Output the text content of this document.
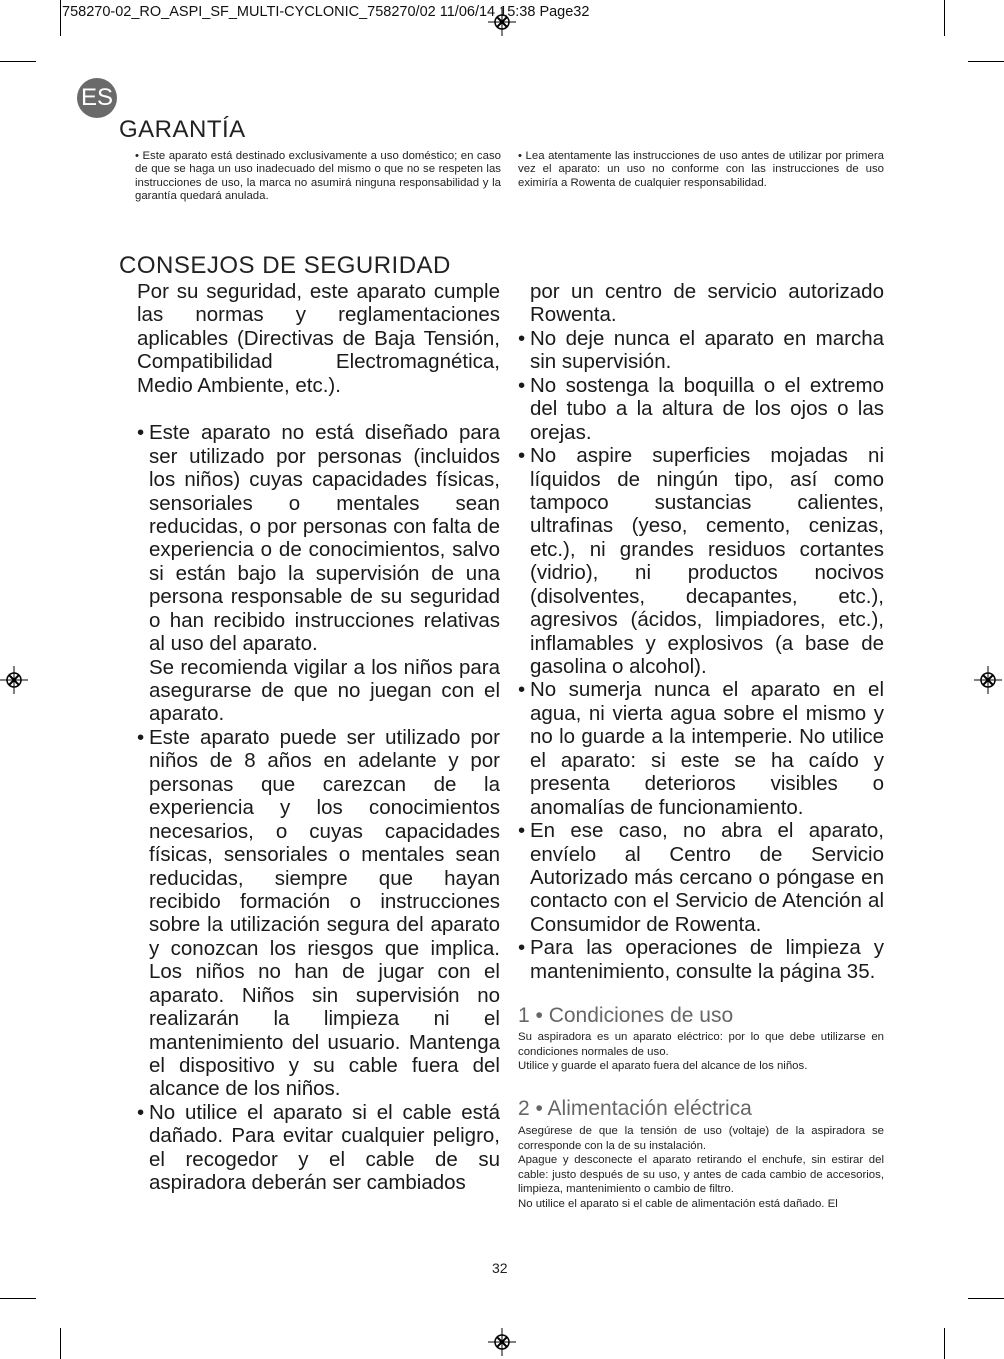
758270-02_RO_ASPI_SF_MULTI-CYCLONIC_758270/02 11/06/14 15:38 Page32
ES
GARANTÍA
• Este aparato está destinado exclusivamente a uso doméstico; en caso de que se haga un uso inadecuado del mismo o que no se respeten las instrucciones de uso, la marca no asumirá ninguna responsabilidad y la garantía quedará anulada.
• Lea atentamente las instrucciones de uso antes de utilizar por primera vez el aparato: un uso no conforme con las instrucciones de uso eximiría a Rowenta de cualquier responsabilidad.
CONSEJOS DE SEGURIDAD

Por su seguridad, este aparato cumple las normas y reglamentaciones aplicables (Directivas de Baja Tensión, Compatibilidad Electromagnética, Medio Ambiente, etc.).

• Este aparato no está diseñado para ser utilizado por personas (incluidos los niños) cuyas capacidades físicas, sensoriales o mentales sean reducidas, o por personas con falta de experiencia o de conocimientos, salvo si están bajo la supervisión de una persona responsable de su seguridad o han recibido instrucciones relativas al uso del aparato.

Se recomienda vigilar a los niños para asegurarse de que no juegan con el aparato.

• Este aparato puede ser utilizado por niños de 8 años en adelante y por personas que carezcan de la experiencia y los conocimientos necesarios, o cuyas capacidades físicas, sensoriales o mentales sean reducidas, siempre que hayan recibido formación o instrucciones sobre la utilización segura del aparato y conozcan los riesgos que implica. Los niños no han de jugar con el aparato. Niños sin supervisión no realizarán la limpieza ni el mantenimiento del usuario. Mantenga el dispositivo y su cable fuera del alcance de los niños.

• No utilice el aparato si el cable está dañado. Para evitar cualquier peligro, el recogedor y el cable de su aspiradora deberán ser cambiados

por un centro de servicio autorizado Rowenta.

• No deje nunca el aparato en marcha sin supervisión.

• No sostenga la boquilla o el extremo del tubo a la altura de los ojos o las orejas.

• No aspire superficies mojadas ni líquidos de ningún tipo, así como tampoco sustancias calientes, ultrafinas (yeso, cemento, cenizas, etc.), ni grandes residuos cortantes (vidrio), ni productos nocivos (disolventes, decapantes, etc.), agresivos (ácidos, limpiadores, etc.), inflamables y explosivos (a base de gasolina o alcohol).

• No sumerja nunca el aparato en el agua, ni vierta agua sobre el mismo y no lo guarde a la intemperie. No utilice el aparato: si este se ha caído y presenta deterioros visibles o anomalías de funcionamiento.

• En ese caso, no abra el aparato, envíelo al Centro de Servicio Autorizado más cercano o póngase en contacto con el Servicio de Atención al Consumidor de Rowenta.

• Para las operaciones de limpieza y mantenimiento, consulte la página 35.

1 • Condiciones de uso

Su aspiradora es un aparato eléctrico: por lo que debe utilizarse en condiciones normales de uso.

Utilice y guarde el aparato fuera del alcance de los niños.

2 • Alimentación eléctrica

Asegúrese de que la tensión de uso (voltaje) de la aspiradora se corresponde con la de su instalación.

Apague y desconecte el aparato retirando el enchufe, sin estirar del cable: justo después de su uso, y antes de cada cambio de accesorios, limpieza, mantenimiento o cambio de filtro.

No utilice el aparato si el cable de alimentación está dañado. El

32
